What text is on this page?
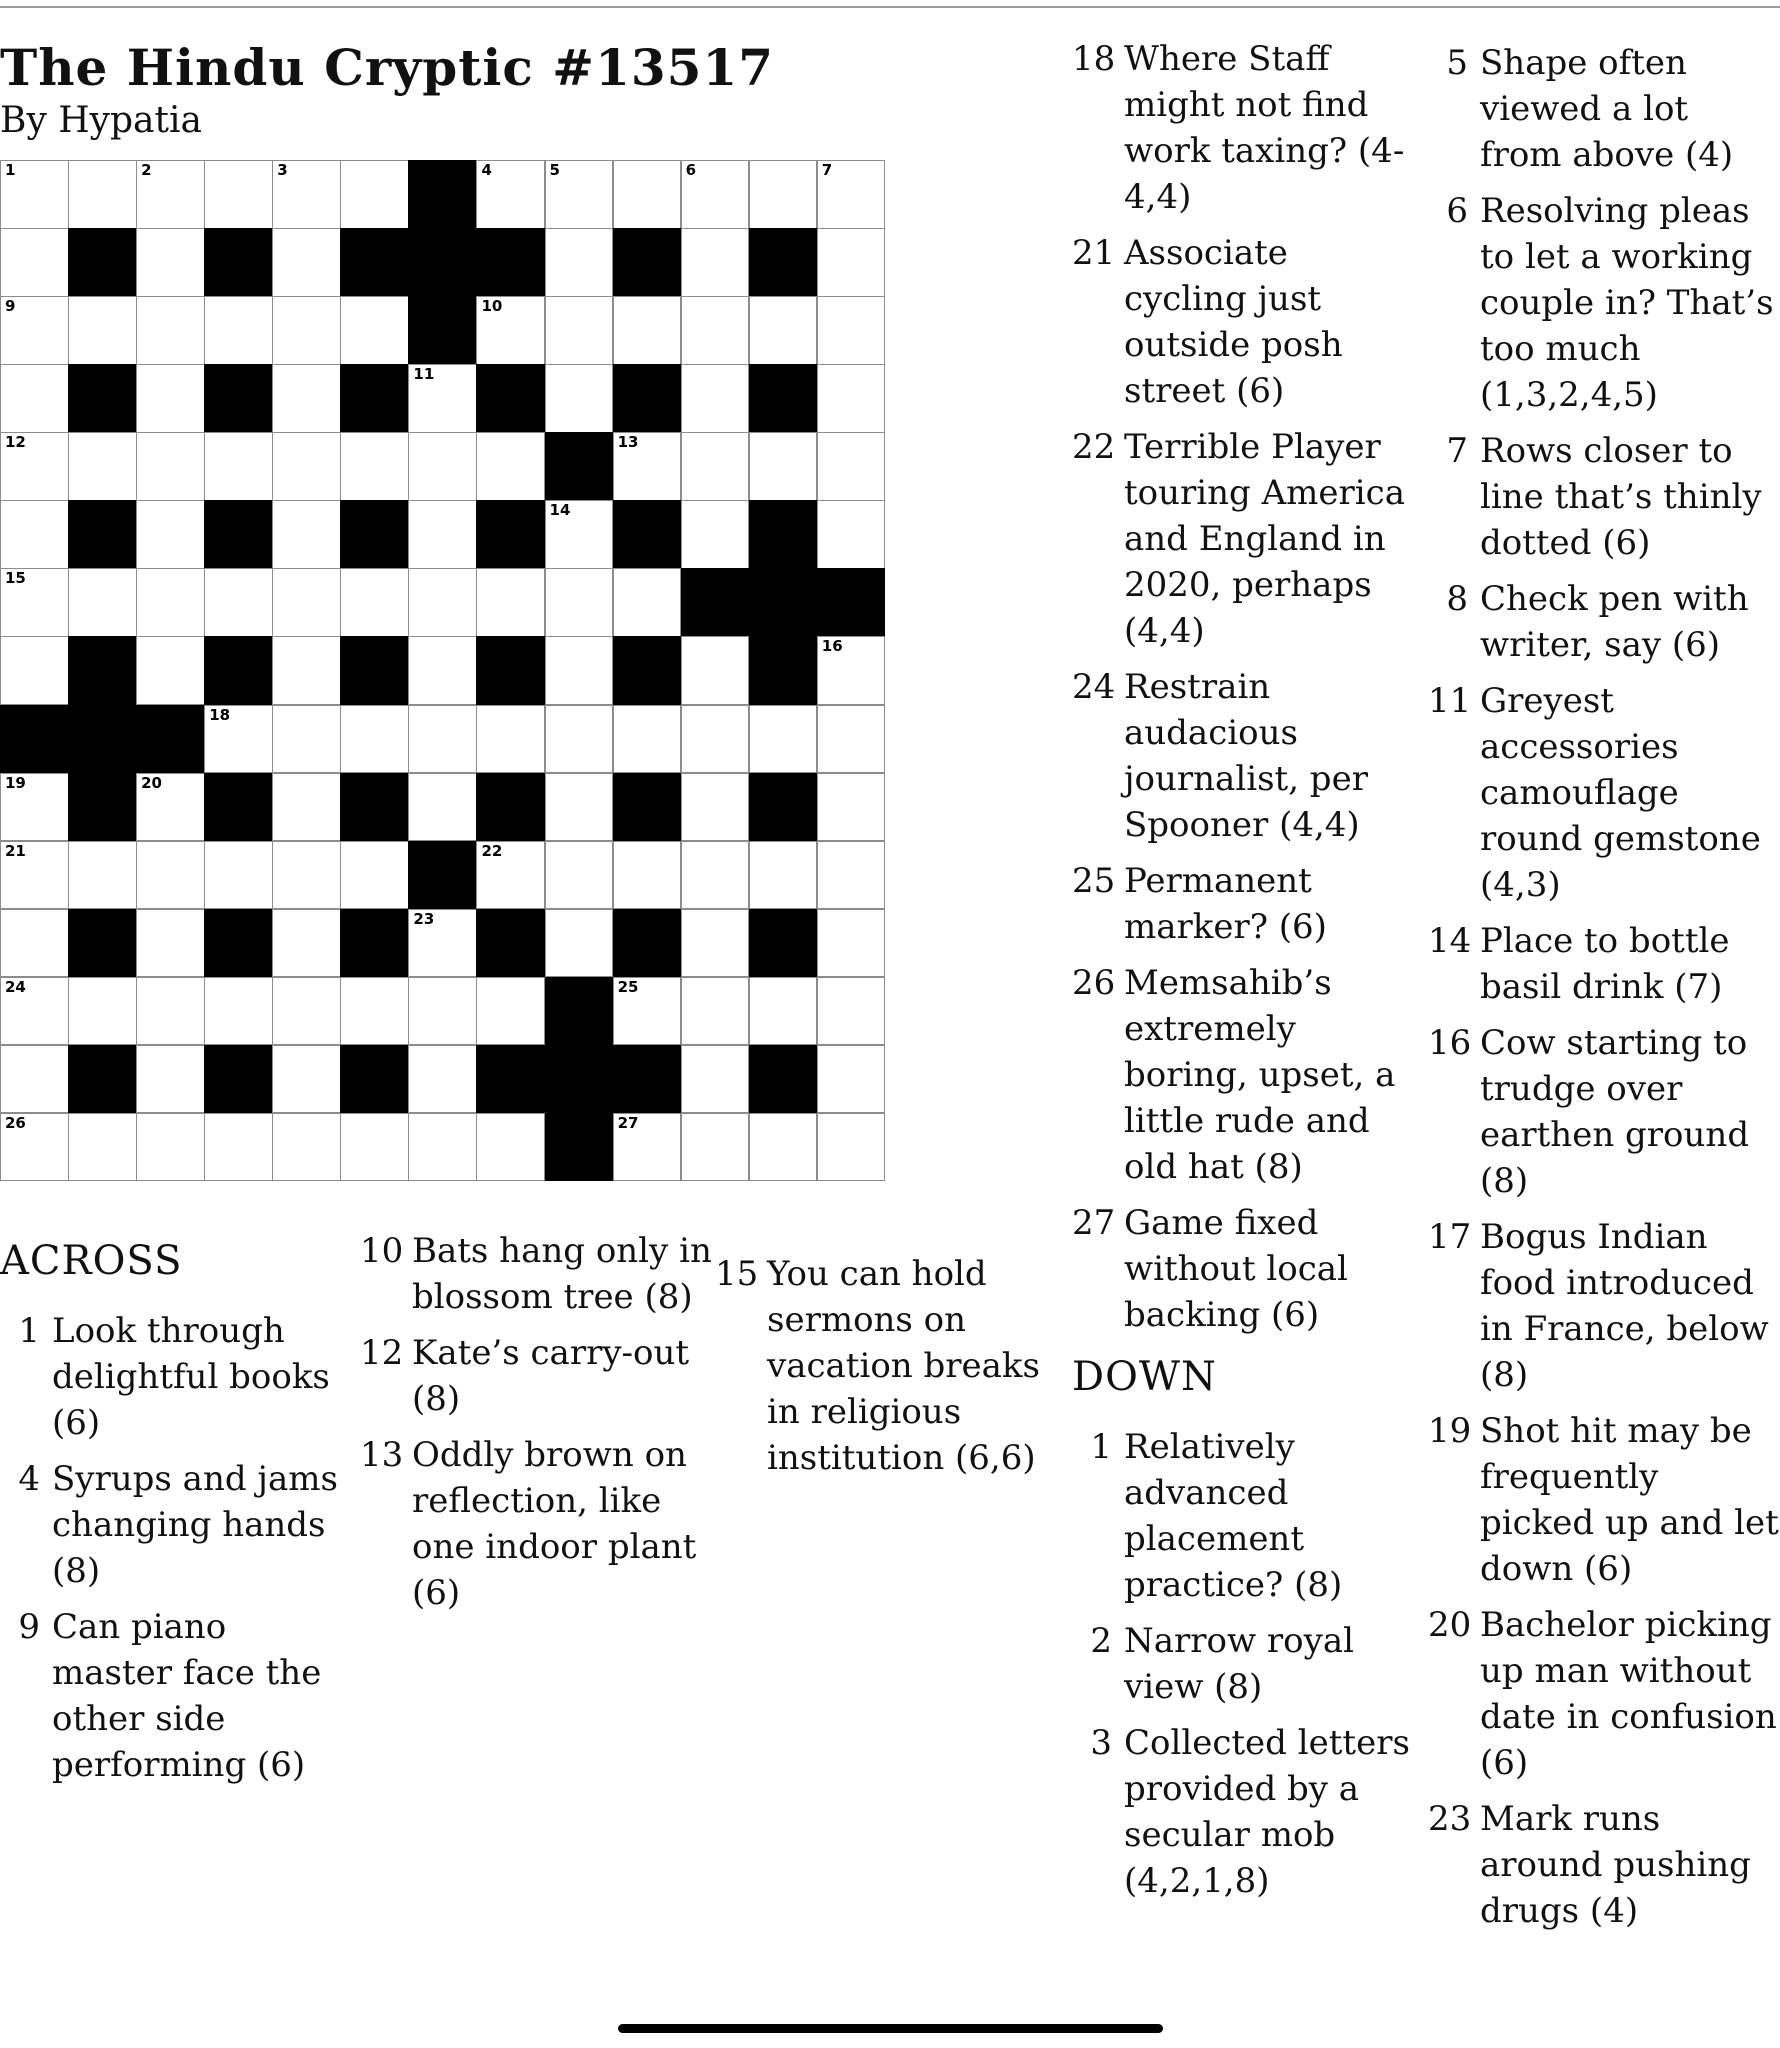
The Hindu Cryptic #13517
By Hypatia
1	2	3	4	5	6	7
9	10
11
12	13
14
15
16
18
19	20
21	22
23
24	25
26	27
ACROSS
1 Look through delightful books (6)
4 Syrups and jams changing hands (8)
9 Can piano master face the other side performing (6)
10 Bats hang only in blossom tree (8)
12 Kate’s carry-out (8)
13 Oddly brown on reflection, like one indoor plant (6)
15 You can hold sermons on vacation breaks in religious institution (6,6)
18 Where Staff might not find work taxing? (4-4,4)
21 Associate cycling just outside posh street (6)
22 Terrible Player touring America and England in 2020, perhaps (4,4)
24 Restrain audacious journalist, per Spooner (4,4)
25 Permanent marker? (6)
26 Memsahib’s extremely boring, upset, a little rude and old hat (8)
27 Game fixed without local backing (6)
DOWN
1 Relatively advanced placement practice? (8)
2 Narrow royal view (8)
3 Collected letters provided by a secular mob (4,2,1,8)
5 Shape often viewed a lot from above (4)
6 Resolving pleas to let a working couple in? That’s too much (1,3,2,4,5)
7 Rows closer to line that’s thinly dotted (6)
8 Check pen with writer, say (6)
11 Greyest accessories camouflage round gemstone (4,3)
14 Place to bottle basil drink (7)
16 Cow starting to trudge over earthen ground (8)
17 Bogus Indian food introduced in France, below (8)
19 Shot hit may be frequently picked up and let down (6)
20 Bachelor picking up man without date in confusion (6)
23 Mark runs around pushing drugs (4)
